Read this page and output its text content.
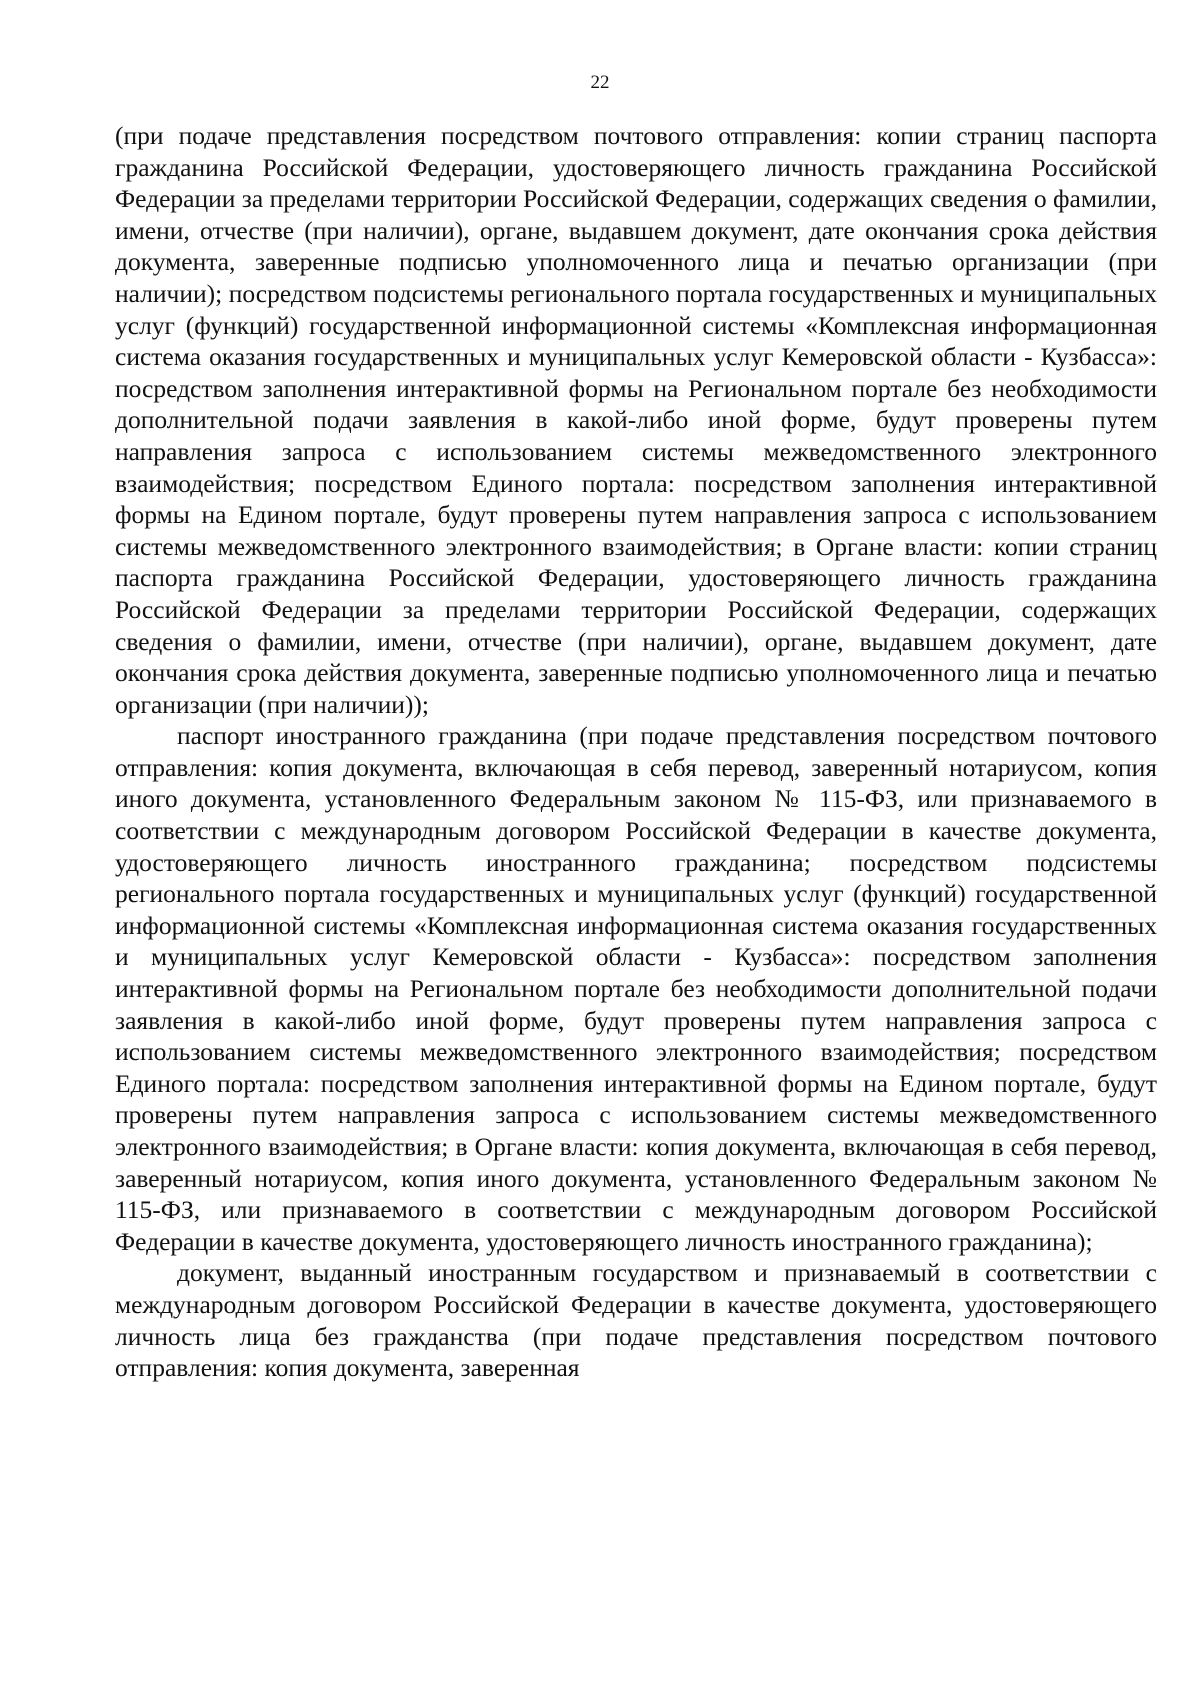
22

(при подаче представления посредством почтового отправления: копии страниц паспорта гражданина Российской Федерации, удостоверяющего личность гражданина Российской Федерации за пределами территории Российской Федерации, содержащих сведения о фамилии, имени, отчестве (при наличии), органе, выдавшем документ, дате окончания срока действия документа, заверенные подписью уполномоченного лица и печатью организации (при наличии); посредством подсистемы регионального портала государственных и муниципальных услуг (функций) государственной информационной системы «Комплексная информационная система оказания государственных и муниципальных услуг Кемеровской области - Кузбасса»: посредством заполнения интерактивной формы на Региональном портале без необходимости дополнительной подачи заявления в какой-либо иной форме, будут проверены путем направления запроса с использованием системы межведомственного электронного взаимодействия; посредством Единого портала: посредством заполнения интерактивной формы на Едином портале, будут проверены путем направления запроса с использованием системы межведомственного электронного взаимодействия; в Органе власти: копии страниц паспорта гражданина Российской Федерации, удостоверяющего личность гражданина Российской Федерации за пределами территории Российской Федерации, содержащих сведения о фамилии, имени, отчестве (при наличии), органе, выдавшем документ, дате окончания срока действия документа, заверенные подписью уполномоченного лица и печатью организации (при наличии));

паспорт иностранного гражданина (при подаче представления посредством почтового отправления: копия документа, включающая в себя перевод, заверенный нотариусом, копия иного документа, установленного Федеральным законом № 115-ФЗ, или признаваемого в соответствии с международным договором Российской Федерации в качестве документа, удостоверяющего личность иностранного гражданина; посредством подсистемы регионального портала государственных и муниципальных услуг (функций) государственной информационной системы «Комплексная информационная система оказания государственных и муниципальных услуг Кемеровской области - Кузбасса»: посредством заполнения интерактивной формы на Региональном портале без необходимости дополнительной подачи заявления в какой-либо иной форме, будут проверены путем направления запроса с использованием системы межведомственного электронного взаимодействия; посредством Единого портала: посредством заполнения интерактивной формы на Едином портале, будут проверены путем направления запроса с использованием системы межведомственного электронного взаимодействия; в Органе власти: копия документа, включающая в себя перевод, заверенный нотариусом, копия иного документа, установленного Федеральным законом № 115-ФЗ, или признаваемого в соответствии с международным договором Российской Федерации в качестве документа, удостоверяющего личность иностранного гражданина);

документ, выданный иностранным государством и признаваемый в соответствии с международным договором Российской Федерации в качестве документа, удостоверяющего личность лица без гражданства (при подаче представления посредством почтового отправления: копия документа, заверенная
